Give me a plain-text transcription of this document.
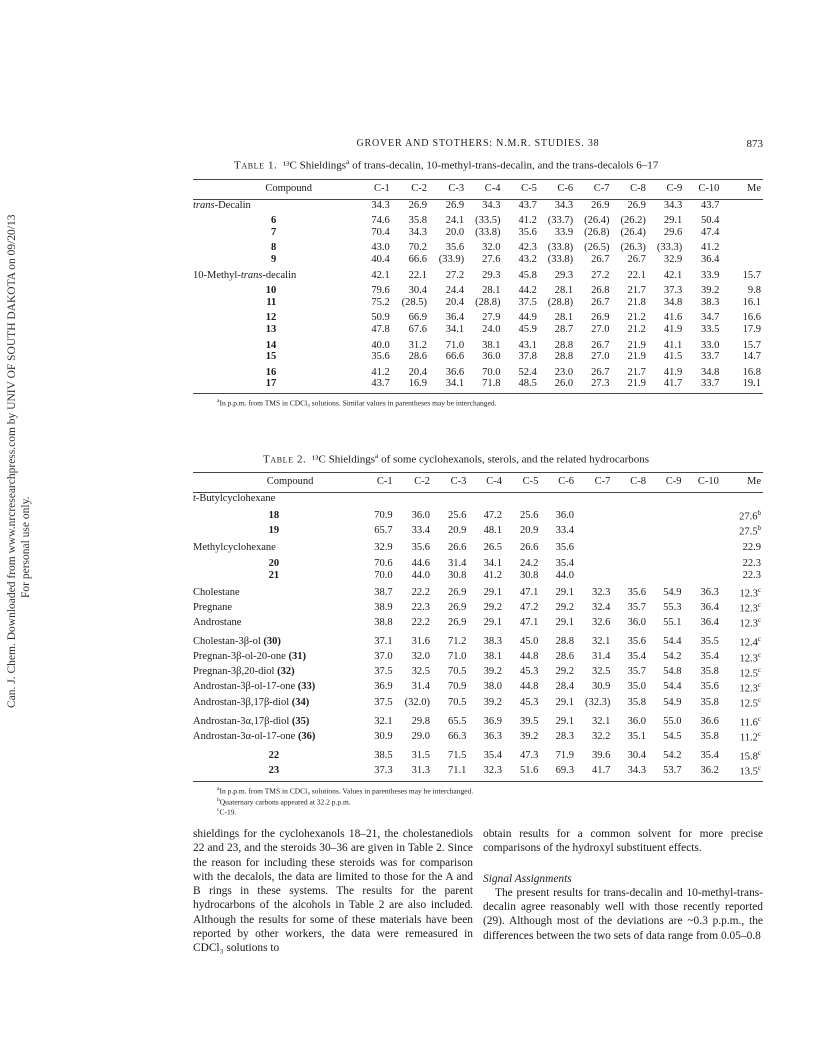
Can. J. Chem. Downloaded from www.nrcresearchpress.com by UNIV OF SOUTH DAKOTA on 09/20/13 For personal use only.
GROVER AND STOTHERS: N.M.R. STUDIES. 38	873
Table 1. ¹³C Shieldings$^a$ of trans-decalin, 10-methyl-trans-decalin, and the trans-decalols 6–17
Compound	C-1	C-2	C-3	C-4	C-5	C-6	C-7	C-8	C-9	C-10	Me
trans-Decalin	34.3	26.9	26.9	34.3	43.7	34.3	26.9	26.9	34.3	43.7	
6	74.6	35.8	24.1	(33.5)	41.2	(33.7)	(26.4)	(26.2)	29.1	50.4	
7	70.4	34.3	20.0	(33.8)	35.6	33.9	(26.8)	(26.4)	29.6	47.4	
8	43.0	70.2	35.6	32.0	42.3	(33.8)	(26.5)	(26.3)	(33.3)	41.2	
9	40.4	66.6	(33.9)	27.6	43.2	(33.8)	26.7	26.7	32.9	36.4	
10-Methyl-trans-decalin	42.1	22.1	27.2	29.3	45.8	29.3	27.2	22.1	42.1	33.9	15.7
10	79.6	30.4	24.4	28.1	44.2	28.1	26.8	21.7	37.3	39.2	9.8
11	75.2	(28.5)	20.4	(28.8)	37.5	(28.8)	26.7	21.8	34.8	38.3	16.1
12	50.9	66.9	36.4	27.9	44.9	28.1	26.9	21.2	41.6	34.7	16.6
13	47.8	67.6	34.1	24.0	45.9	28.7	27.0	21.2	41.9	33.5	17.9
14	40.0	31.2	71.0	38.1	43.1	28.8	26.7	21.9	41.1	33.0	15.7
15	35.6	28.6	66.6	36.0	37.8	28.8	27.0	21.9	41.5	33.7	14.7
16	41.2	20.4	36.6	70.0	52.4	23.0	26.7	21.7	41.9	34.8	16.8
17	43.7	16.9	34.1	71.8	48.5	26.0	27.3	21.9	41.7	33.7	19.1
$^a$In p.p.m. from TMS in CDCl₃ solutions. Similar values in parentheses may be interchanged.
Table 2. ¹³C Shieldings$^a$ of some cyclohexanols, sterols, and the related hydrocarbons
Compound	C-1	C-2	C-3	C-4	C-5	C-6	C-7	C-8	C-9	C-10	Me
t-Butylcyclohexane											
18	70.9	36.0	25.6	47.2	25.6	36.0					27.6$^b$
19	65.7	33.4	20.9	48.1	20.9	33.4					27.5$^b$
Methylcyclohexane	32.9	35.6	26.6	26.5	26.6	35.6					22.9
20	70.6	44.6	31.4	34.1	24.2	35.4					22.3
21	70.0	44.0	30.8	41.2	30.8	44.0					22.3
Cholestane	38.7	22.2	26.9	29.1	47.1	29.1	32.3	35.6	54.9	36.3	12.3$^c$
Pregnane	38.9	22.3	26.9	29.2	47.2	29.2	32.4	35.7	55.3	36.4	12.3$^c$
Androstane	38.8	22.2	26.9	29.1	47.1	29.1	32.6	36.0	55.1	36.4	12.3$^c$
Cholestan-3β-ol (30)	37.1	31.6	71.2	38.3	45.0	28.8	32.1	35.6	54.4	35.5	12.4$^c$
Pregnan-3β-ol-20-one (31)	37.0	32.0	71.0	38.1	44.8	28.6	31.4	35.4	54.2	35.4	12.3$^c$
Pregnan-3β,20-diol (32)	37.5	32.5	70.5	39.2	45.3	29.2	32.5	35.7	54.8	35.8	12.5$^c$
Androstan-3β-ol-17-one (33)	36.9	31.4	70.9	38.0	44.8	28.4	30.9	35.0	54.4	35.6	12.3$^c$
Androstan-3β,17β-diol (34)	37.5	(32.0)	70.5	39.2	45.3	29.1	(32.3)	35.8	54.9	35.8	12.5$^c$
Androstan-3α,17β-diol (35)	32.1	29.8	65.5	36.9	39.5	29.1	32.1	36.0	55.0	36.6	11.6$^c$
Androstan-3α-ol-17-one (36)	30.9	29.0	66.3	36.3	39.2	28.3	32.2	35.1	54.5	35.8	11.2$^c$
22	38.5	31.5	71.5	35.4	47.3	71.9	39.6	30.4	54.2	35.4	15.8$^c$
23	37.3	31.3	71.1	32.3	51.6	69.3	41.7	34.3	53.7	36.2	13.5$^c$
$^a$In p.p.m. from TMS in CDCl₃ solutions. Values in parentheses may be interchanged.
$^b$Quaternary carbons appeared at 32.2 p.p.m.
$^c$C-19.

shieldings for the cyclohexanols 18–21, the cholestanediols 22 and 23, and the steroids 30–36 are given in Table 2. Since the reason for including these steroids was for comparison with the decalols, the data are limited to those for the A and B rings in these systems. The results for the parent hydrocarbons of the alcohols in Table 2 are also included. Although the results for some of these materials have been reported by other workers, the data were remeasured in CDCl₃ solutions to

obtain results for a common solvent for more precise comparisons of the hydroxyl substituent effects.

Signal Assignments

The present results for trans-decalin and 10-methyl-trans-decalin agree reasonably well with those recently reported (29). Although most of the deviations are ~0.3 p.p.m., the differences between the two sets of data range from 0.05–0.8
